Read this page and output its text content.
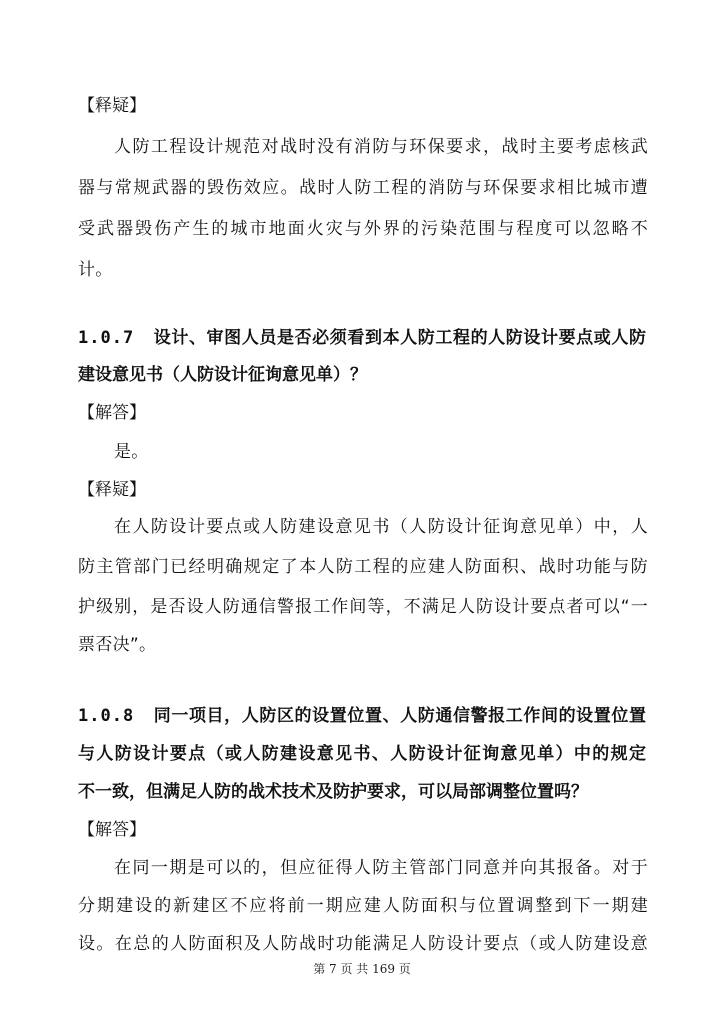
【释疑】
人防工程设计规范对战时没有消防与环保要求，战时主要考虑核武
器与常规武器的毁伤效应。战时人防工程的消防与环保要求相比城市遭
受武器毁伤产生的城市地面火灾与外界的污染范围与程度可以忽略不
计。
1.0.7 设计、审图人员是否必须看到本人防工程的人防设计要点或人防
建设意见书（人防设计征询意见单）？
【解答】
是。
【释疑】
在人防设计要点或人防建设意见书（人防设计征询意见单）中，人
防主管部门已经明确规定了本人防工程的应建人防面积、战时功能与防
护级别，是否设人防通信警报工作间等，不满足人防设计要点者可以“一
票否决”。
1.0.8 同一项目，人防区的设置位置、人防通信警报工作间的设置位置
与人防设计要点（或人防建设意见书、人防设计征询意见单）中的规定
不一致，但满足人防的战术技术及防护要求，可以局部调整位置吗？
【解答】
在同一期是可以的，但应征得人防主管部门同意并向其报备。对于
分期建设的新建区不应将前一期应建人防面积与位置调整到下一期建
设。在总的人防面积及人防战时功能满足人防设计要点（或人防建设意
第 7 页 共 169 页
